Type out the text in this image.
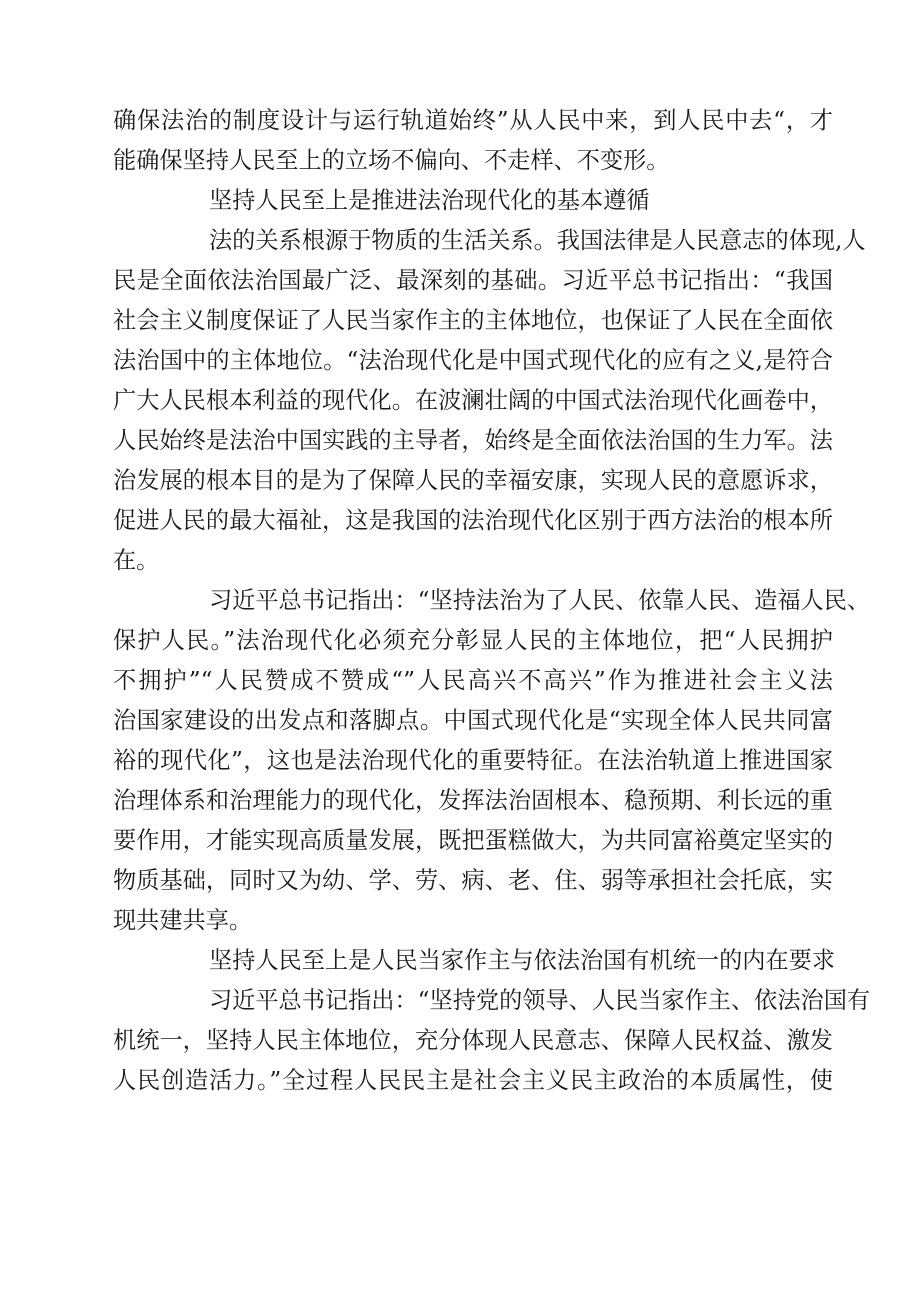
确保法治的制度设计与运行轨道始终”从人民中来，到人民中去“，才
能确保坚持人民至上的立场不偏向、不走样、不变形。
坚持人民至上是推进法治现代化的基本遵循
法的关系根源于物质的生活关系。我国法律是人民意志的体现,人
民是全面依法治国最广泛、最深刻的基础。习近平总书记指出：“我国
社会主义制度保证了人民当家作主的主体地位，也保证了人民在全面依
法治国中的主体地位。“法治现代化是中国式现代化的应有之义,是符合
广大人民根本利益的现代化。在波澜壮阔的中国式法治现代化画卷中，
人民始终是法治中国实践的主导者，始终是全面依法治国的生力军。法
治发展的根本目的是为了保障人民的幸福安康，实现人民的意愿诉求，
促进人民的最大福祉，这是我国的法治现代化区别于西方法治的根本所
在。
习近平总书记指出：“坚持法治为了人民、依靠人民、造福人民、
保护人民。”法治现代化必须充分彰显人民的主体地位，把“人民拥护
不拥护”“人民赞成不赞成“”人民高兴不高兴”作为推进社会主义法
治国家建设的出发点和落脚点。中国式现代化是“实现全体人民共同富
裕的现代化”，这也是法治现代化的重要特征。在法治轨道上推进国家
治理体系和治理能力的现代化，发挥法治固根本、稳预期、利长远的重
要作用，才能实现高质量发展，既把蛋糕做大，为共同富裕奠定坚实的
物质基础，同时又为幼、学、劳、病、老、住、弱等承担社会托底，实
现共建共享。
坚持人民至上是人民当家作主与依法治国有机统一的内在要求
习近平总书记指出：“坚持党的领导、人民当家作主、依法治国有
机统一，坚持人民主体地位，充分体现人民意志、保障人民权益、激发
人民创造活力。”全过程人民民主是社会主义民主政治的本质属性，使
